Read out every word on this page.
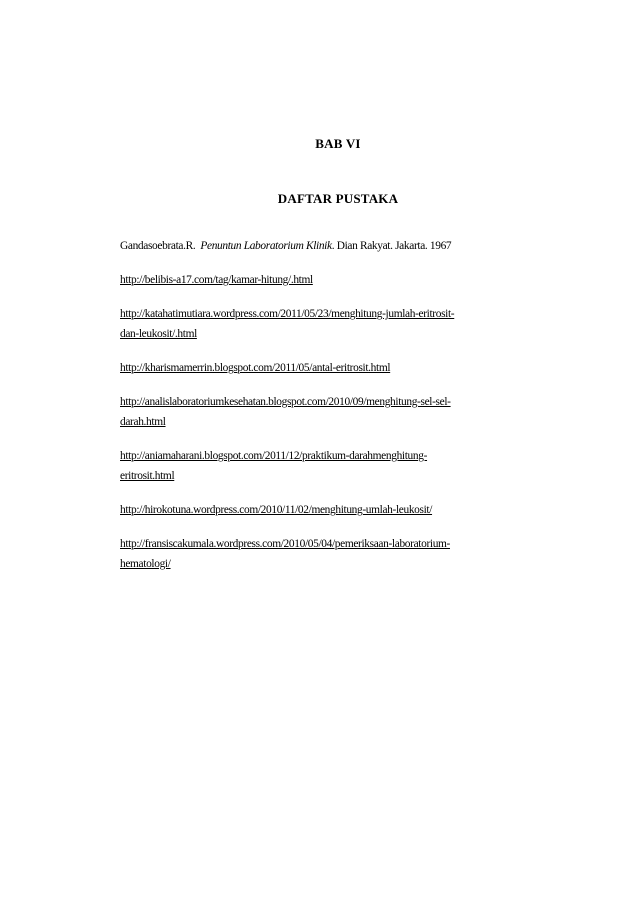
BAB VI
DAFTAR PUSTAKA
Gandasoebrata.R. Penuntun Laboratorium Klinik. Dian Rakyat. Jakarta. 1967
http://belibis-a17.com/tag/kamar-hitung/.html
http://katahatimutiara.wordpress.com/2011/05/23/menghitung-jumlah-eritrosit-
dan-leukosit/.html
http://kharismamerrin.blogspot.com/2011/05/antal-eritrosit.html
http://analislaboratoriumkesehatan.blogspot.com/2010/09/menghitung-sel-sel-
darah.html
http://aniamaharani.blogspot.com/2011/12/praktikum-darahmenghitung-
eritrosit.html
http://hirokotuna.wordpress.com/2010/11/02/menghitung-umlah-leukosit/
http://fransiscakumala.wordpress.com/2010/05/04/pemeriksaan-laboratorium-
hematologi/
